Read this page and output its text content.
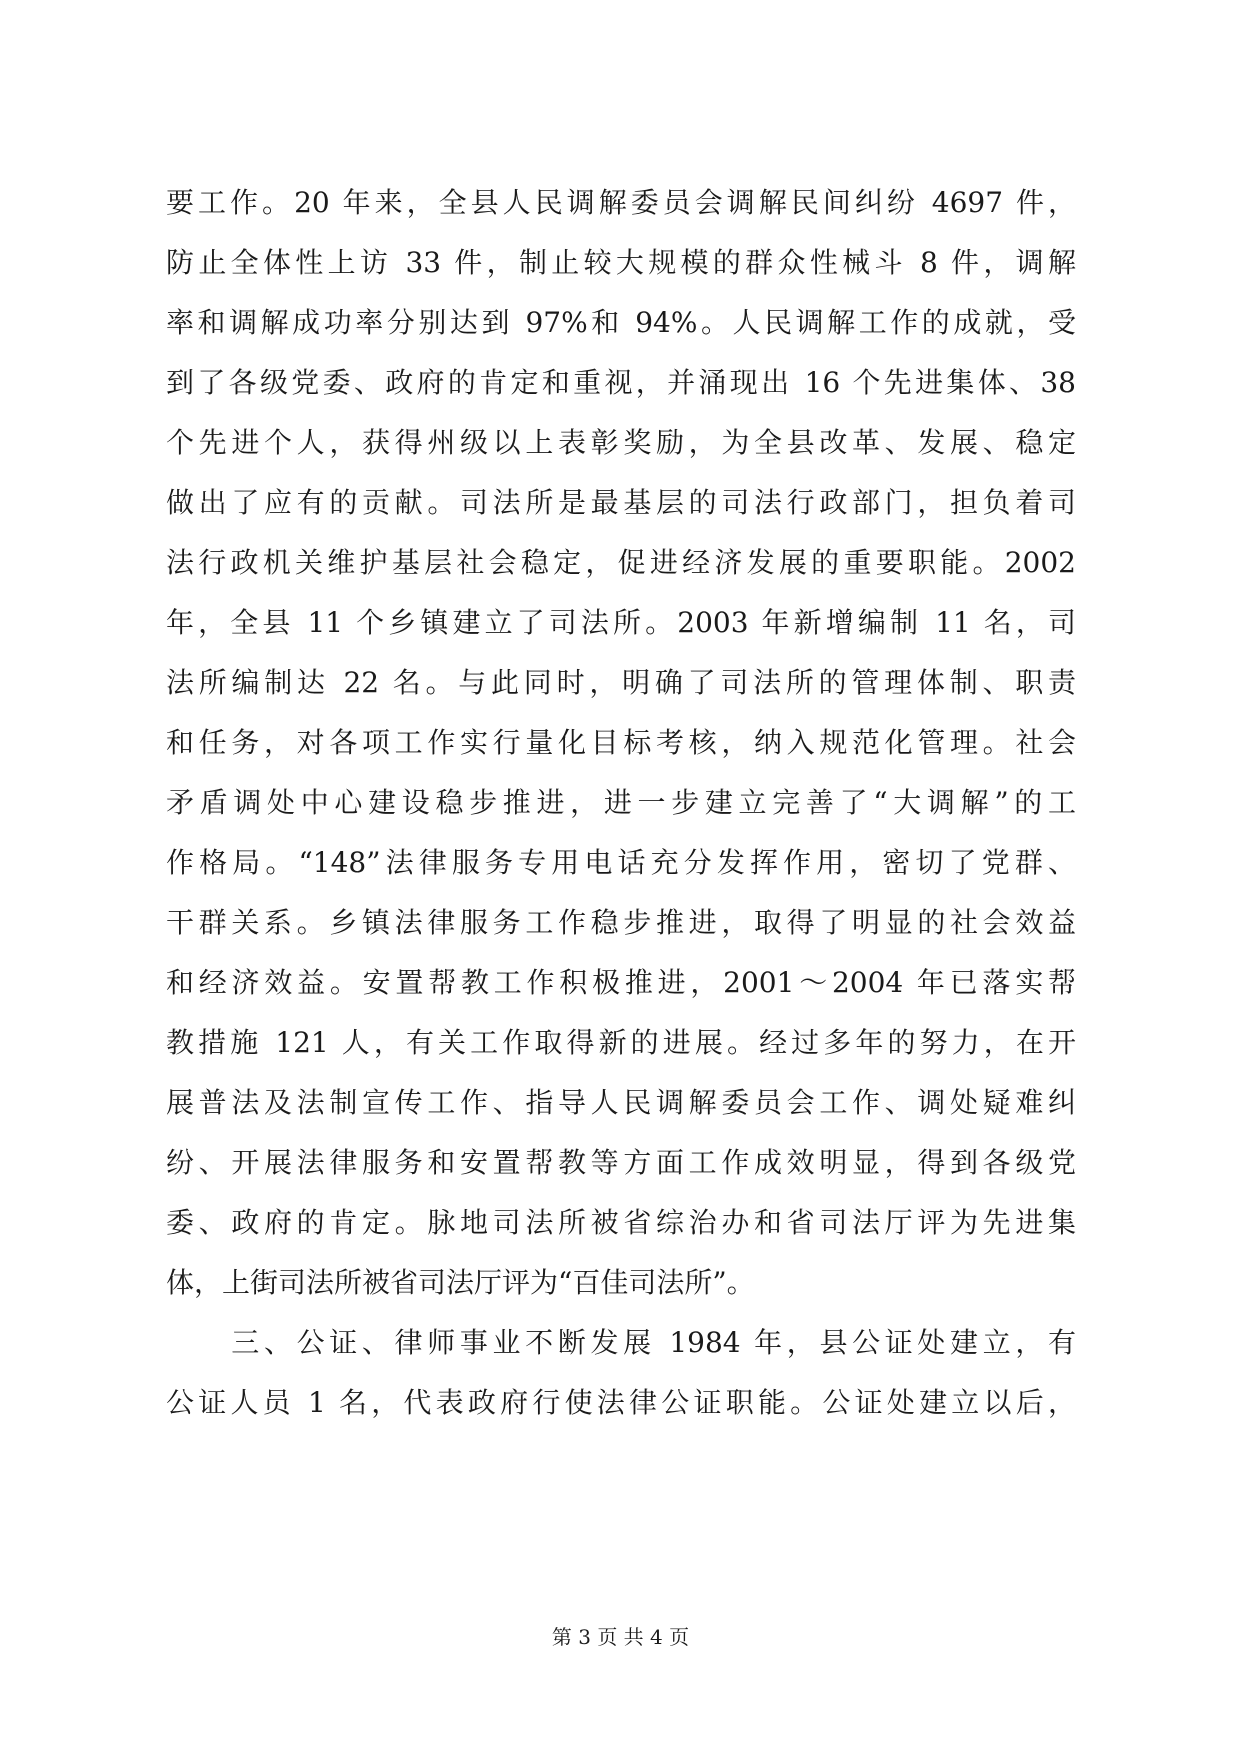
要工作。20 年来，全县人民调解委员会调解民间纠纷 4697 件，
防止全体性上访 33 件，制止较大规模的群众性械斗 8 件，调解
率和调解成功率分别达到 97%和 94%。人民调解工作的成就，受
到了各级党委、政府的肯定和重视，并涌现出 16 个先进集体、38
个先进个人，获得州级以上表彰奖励，为全县改革、发展、稳定
做出了应有的贡献。司法所是最基层的司法行政部门，担负着司
法行政机关维护基层社会稳定，促进经济发展的重要职能。2002
年，全县 11 个乡镇建立了司法所。2003 年新增编制 11 名，司
法所编制达 22 名。与此同时，明确了司法所的管理体制、职责
和任务，对各项工作实行量化目标考核，纳入规范化管理。社会
矛盾调处中心建设稳步推进，进一步建立完善了“大调解”的工
作格局。“148”法律服务专用电话充分发挥作用，密切了党群、
干群关系。乡镇法律服务工作稳步推进，取得了明显的社会效益
和经济效益。安置帮教工作积极推进，2001～2004 年已落实帮
教措施 121 人，有关工作取得新的进展。经过多年的努力，在开
展普法及法制宣传工作、指导人民调解委员会工作、调处疑难纠
纷、开展法律服务和安置帮教等方面工作成效明显，得到各级党
委、政府的肯定。脉地司法所被省综治办和省司法厅评为先进集
体，上街司法所被省司法厅评为“百佳司法所”。
　　三、公证、律师事业不断发展 1984 年，县公证处建立，有
公证人员 1 名，代表政府行使法律公证职能。公证处建立以后，
第 3 页 共 4 页
